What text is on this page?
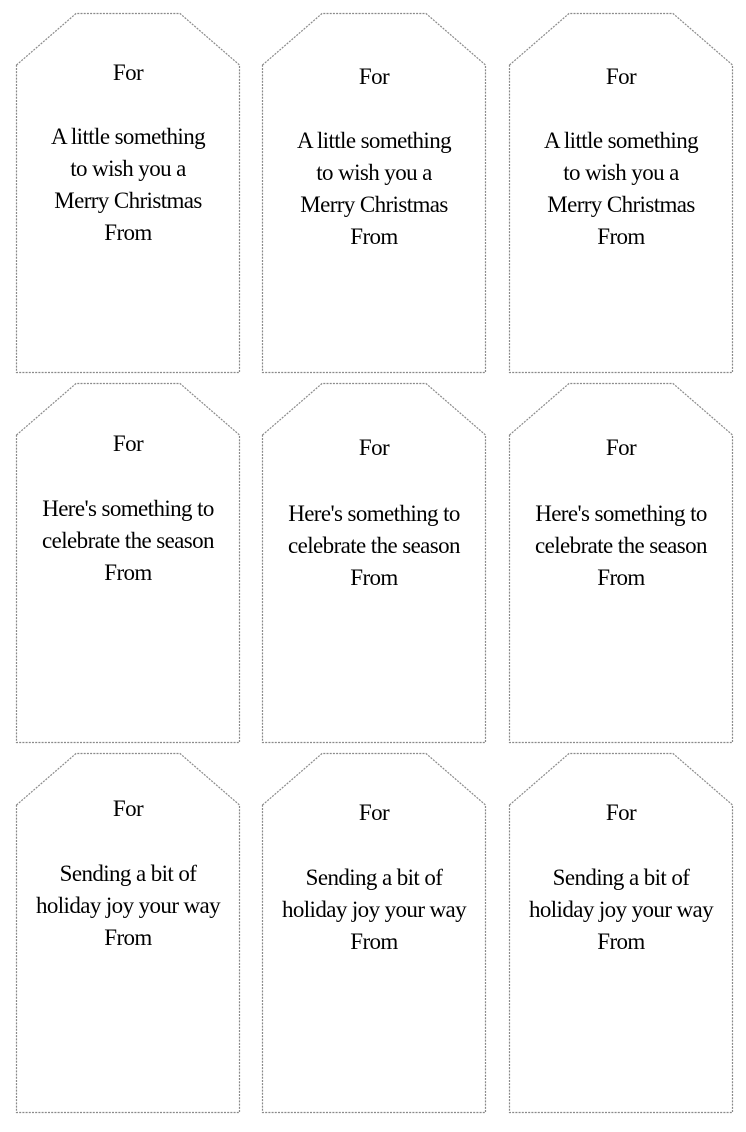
For
A little something
to wish you a
Merry Christmas
From
For
A little something
to wish you a
Merry Christmas
From
For
A little something
to wish you a
Merry Christmas
From
For
Here's something to
celebrate the season
From
For
Here's something to
celebrate the season
From
For
Here's something to
celebrate the season
From
For
Sending a bit of
holiday joy your way
From
For
Sending a bit of
holiday joy your way
From
For
Sending a bit of
holiday joy your way
From
